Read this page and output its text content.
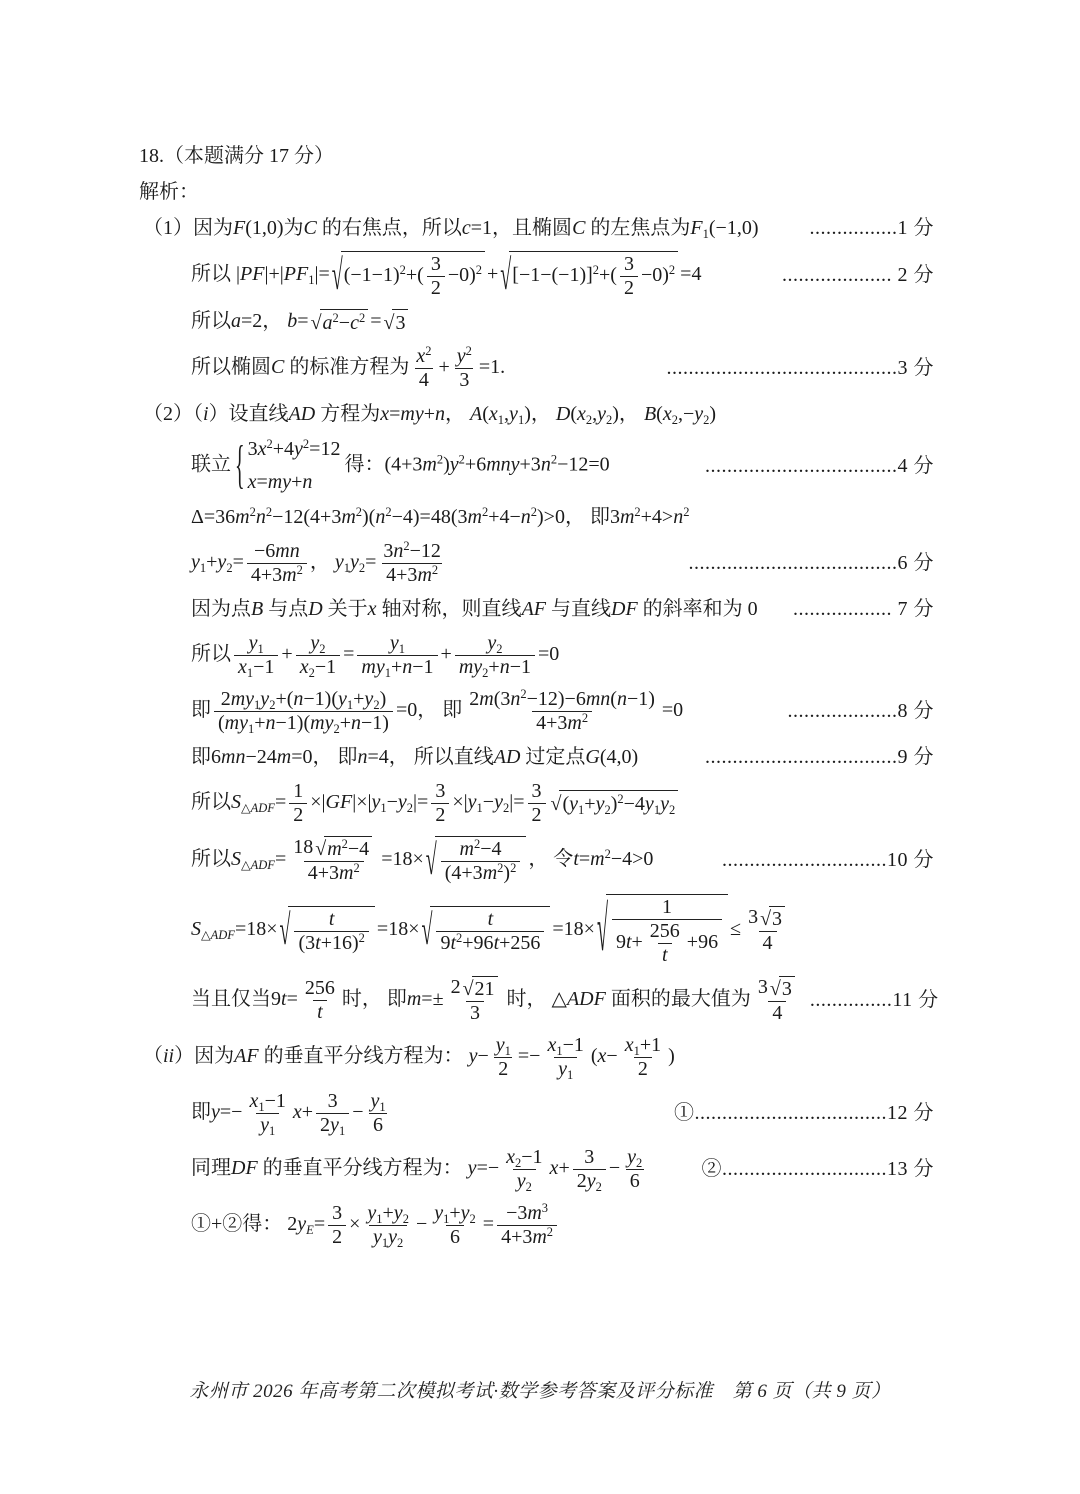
18.（本题满分 17 分）
解析：
（1）因为F(1,0)为C 的右焦点，所以c=1，且椭圆C 的左焦点为$F_1(-1,0)$	................1 分
所以 $|PF|+|PF_1|=$ √ $(-1-1)^2+( \frac{3}{2} -0)^2$ + √ $[-1-(-1)]^2+( \frac{3}{2} -0)^2 =4$	.................... 2 分
所以a=2， b= √ $a^2-c^2$ = √ 3
所以椭圆C 的标准方程为 $\frac{x^2}{4} + \frac{y^2}{3} =1$.	..........................................3 分
（2）（i）设直线AD 方程为x=my+n， $A(x_1,y_1)$， $D(x_2,y_2)$， $B(x_2,-y_2)$
联立 { $3x^2+4y^2=12$
x=my+n
得：$(4+3m^2)y^2+6mny+3n^2-12=0$	...................................4 分
$\Delta=36m^2n^2-12(4+3m^2)(n^2-4)=48(3m^2+4-n^2)>0$， 即$3m^2+4>n^2$
$y_1+y_2= \frac{-6mn}{4+3m^2}$ ， $y_1y_2= \frac{3n^2-12}{4+3m^2}$	......................................6 分
因为点B 与点D 关于x 轴对称，则直线AF 与直线DF 的斜率和为 0	.................. 7 分
所以 $\frac{y_1}{x_1-1} + \frac{y_2}{x_2-1} = \frac{y_1}{my_1+n-1} + \frac{y_2}{my_2+n-1} =0$
即 $\frac{2my_1y_2+(n-1)(y_1+y_2)}{(my_1+n-1)(my_2+n-1)} =0$， 即 $\frac{2m(3n^2-12)-6mn(n-1)}{4+3m^2} =0$	....................8 分
即6mn−24m=0， 即n=4， 所以直线AD 过定点G(4,0)	...................................9 分
所以$S_{\triangle ADF}= \frac{1}{2} \times|GF|\times|y_1-y_2|= \frac{3}{2} \times|y_1-y_2|= \frac{3}{2}$ √ $(y_1+y_2)^2-4y_1y_2$
所以$S_{\triangle ADF}= \frac{18 √ m^2-4}{4+3m^2} =18\times$ √ $\frac{m^2-4}{(4+3m^2)^2}$ ， 令$t=m^2-4>0$	..............................10 分
$S_{\triangle ADF}=18\times$ √ $\frac{t}{(3t+16)^2} =18\times$ √ $\frac{t}{9t^2+96t+256} =18\times$ √ $\frac{1}{9t+ \frac{256}{t} +96} \le \frac{3 √ 3}{4}$
当且仅当$9t= \frac{256}{t}$ 时， 即$m=\pm \frac{2 √ 21}{3}$ 时， △ADF 面积的最大值为 $\frac{3 √ 3}{4} ...............11$ 分
（ii）因为AF 的垂直平分线方程为： $y- \frac{y_1}{2} =- \frac{x_1-1}{y_1} (x- \frac{x_1+1}{2}$ )
即$y=- \frac{x_1-1}{y_1} x+ \frac{3}{2y_1} - \frac{y_1}{6}$	①...................................12 分
同理DF 的垂直平分线方程为： $y=- \frac{x_2-1}{y_2} x+ \frac{3}{2y_2} - \frac{y_2}{6}$	②..............................13 分
①+②得： $2y_E= \frac{3}{2} \times \frac{y_1+y_2}{y_1y_2} - \frac{y_1+y_2}{6} = \frac{-3m^3}{4+3m^2}$
永州市 2026 年高考第二次模拟考试·数学参考答案及评分标准　第 6 页（共 9 页）
